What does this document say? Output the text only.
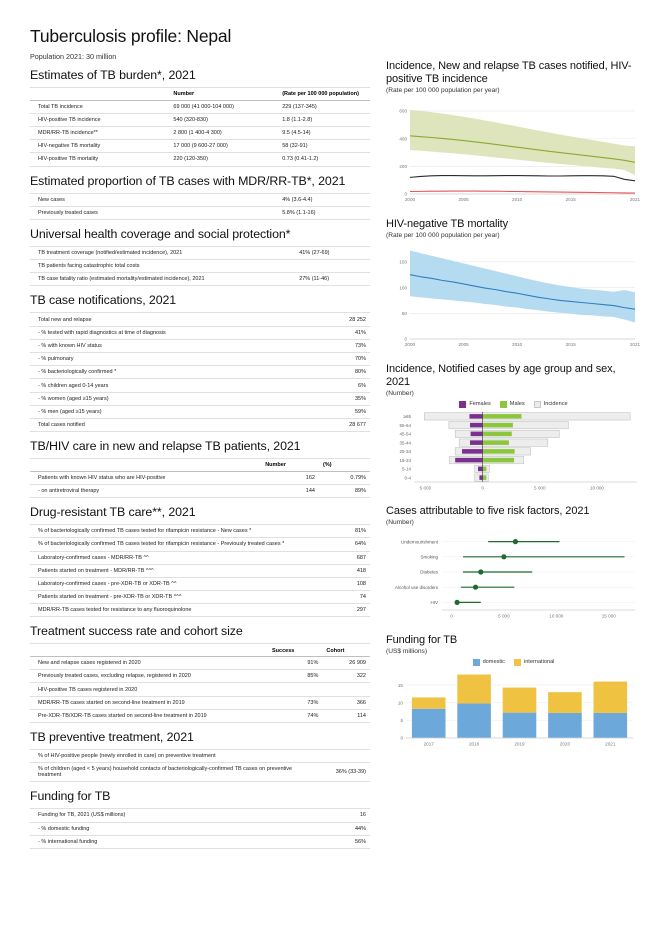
Tuberculosis profile: Nepal

Population 2021: 30 million

Estimates of TB burden*, 2021
	Number	(Rate per 100 000 population)
Total TB incidence	69 000 (41 000-104 000)	229 (137-345)
HIV-positive TB incidence	540 (320-830)	1.8 (1.1-2.8)
MDR/RR-TB incidence**	2 800 (1 400-4 300)	9.5 (4.5-14)
HIV-negative TB mortality	17 000 (9 600-27 000)	58 (32-91)
HIV-positive TB mortality	220 (120-350)	0.73 (0.41-1.2)
Estimated proportion of TB cases with MDR/RR-TB*, 2021
New cases	4% (3.6-4.4)
Previously treated cases	5.8% (1.1-16)
Universal health coverage and social protection*
TB treatment coverage (notified/estimated incidence), 2021	41% (27-69)
TB patients facing catastrophic total costs	
TB case fatality ratio (estimated mortality/estimated incidence), 2021	27% (11-46)
TB case notifications, 2021
Total new and relapse	28 252
- % tested with rapid diagnostics at time of diagnosis	41%
- % with known HIV status	73%
- % pulmonary	70%
- % bacteriologically confirmed *	80%
- % children aged 0-14 years	6%
- % women (aged ≥15 years)	35%
- % men (aged ≥15 years)	59%
Total cases notified	28 677
TB/HIV care in new and relapse TB patients, 2021
	Number	(%)
Patients with known HIV status who are HIV-positive	162	0.79%
- on antiretroviral therapy	144	89%
Drug-resistant TB care**, 2021
% of bacteriologically confirmed TB cases tested for rifampicin resistance - New cases *	81%
% of bacteriologically confirmed TB cases tested for rifampicin resistance - Previously treated cases *	64%
Laboratory-confirmed cases - MDR/RR-TB ^^	687
Patients started on treatment - MDR/RR-TB ^^^	418
Laboratory-confirmed cases - pre-XDR-TB or XDR-TB ^^	108
Patients started on treatment - pre-XDR-TB or XDR-TB ^^^	74
MDR/RR-TB cases tested for resistance to any fluoroquinolone	297
Treatment success rate and cohort size
	Success	Cohort
New and relapse cases registered in 2020	91%	26 909
Previously treated cases, excluding relapse, registered in 2020	85%	322
HIV-positive TB cases registered in 2020		
MDR/RR-TB cases started on second-line treatment in 2019	73%	366
Pre-XDR-TB/XDR-TB cases started on second-line treatment in 2019	74%	114
TB preventive treatment, 2021
% of HIV-positive people (newly enrolled in care) on preventive treatment	
% of children (aged < 5 years) household contacts of bacteriologically-confirmed TB cases on preventive treatment	36% (33-39)
Funding for TB
Funding for TB, 2021 (US$ millions)	16
- % domestic funding	44%
- % international funding	56%
Incidence, New and relapse TB cases notified, HIV-positive TB incidence
(Rate per 100 000 population per year)
0
200
400
600
2000	2005	2010	2015	2021
HIV-negative TB mortality
(Rate per 100 000 population per year)
0
50
100
150
2000	2005	2010	2015	2021
Incidence, Notified cases by age group and sex, 2021
(Number)
Females	Males	Incidence
≥65
55-64
45-54
35-44
25-34
15-24
5-14
0-4
5 000	0	5 000	10 000
Cases attributable to five risk factors, 2021
(Number)
Undernourishment
Smoking
Diabetes
Alcohol use disorders
HIV
0	5 000	10 000	15 000
Funding for TB
(US$ millions)
domestic	international
0
5
10
15
2017	2018	2019	2020	2021
